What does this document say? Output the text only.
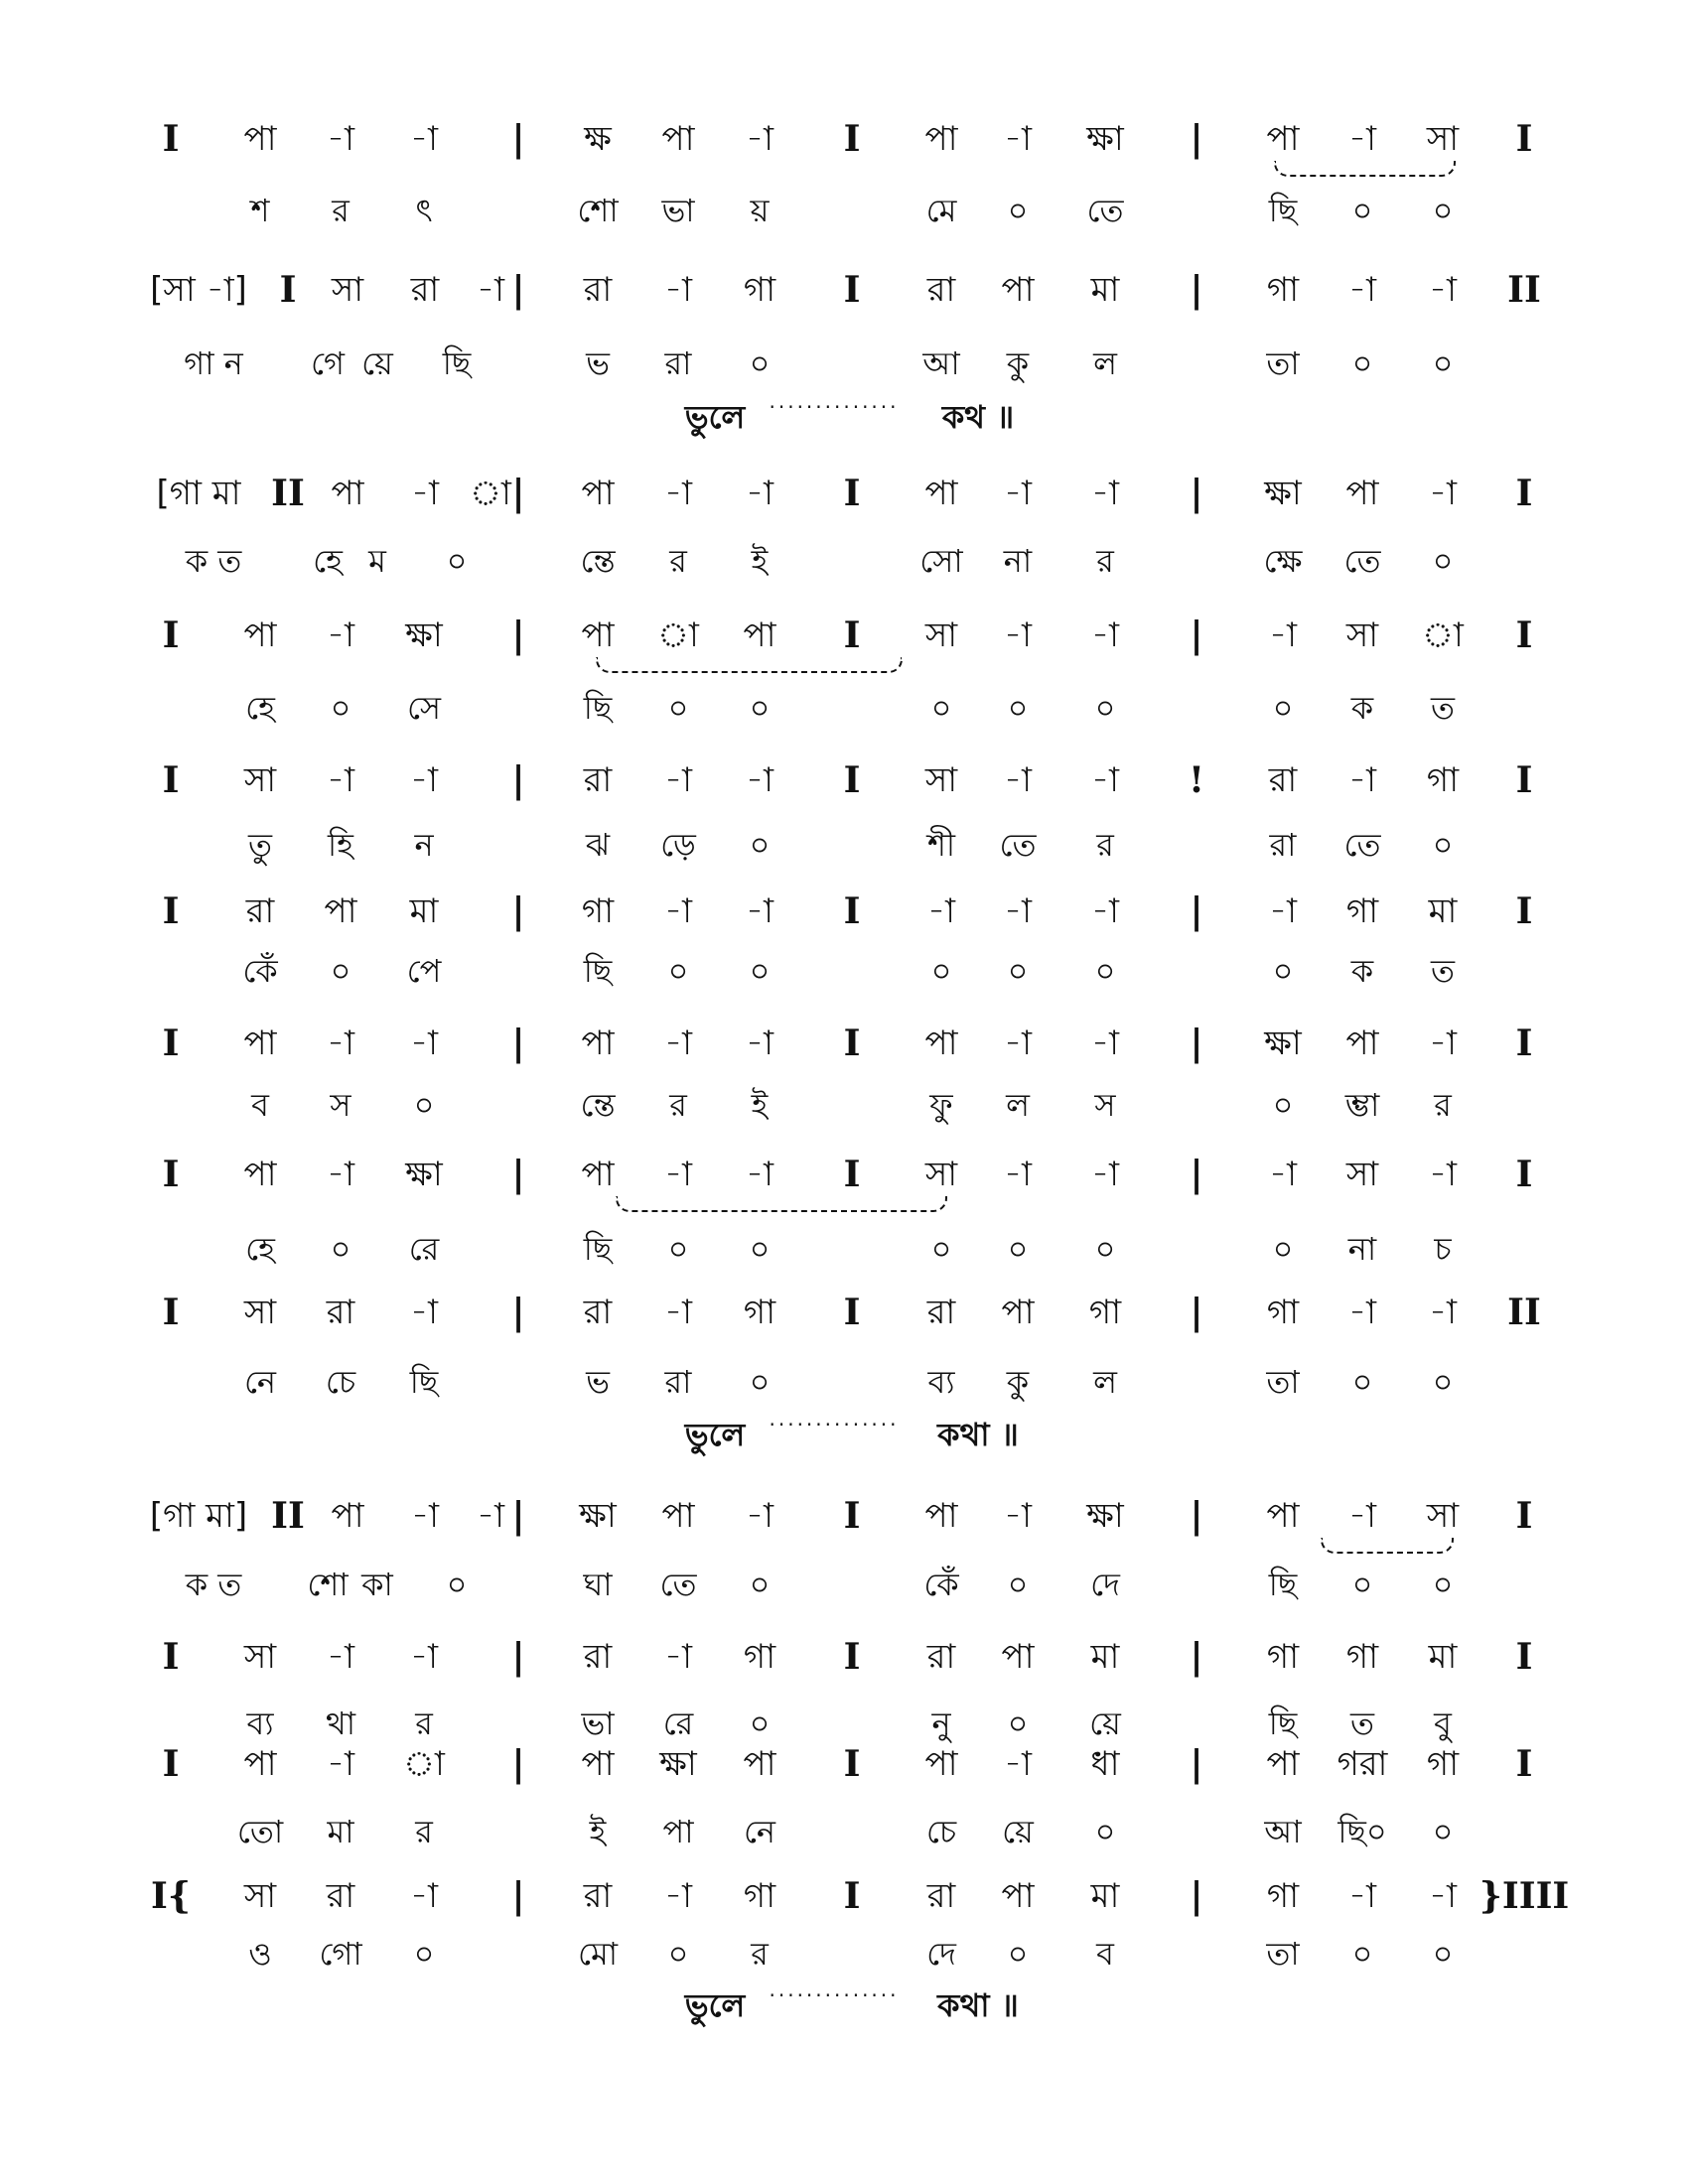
I পা -া -া | ক্ষ পা -া I পা -া ক্ষা | পা -া সা I
শ র ৎ	শো ভা য়	মে ০ তে	ছি ০ ০
[সা -া] I সা রা -া | রা -া গা I রা পা মা | গা -া -া II
গা ন গে য়ে ছি	ভ রা ০	আ কু ল	তা ০ ০
[গা মা II পা -া া | পা -া -া I পা -া -া | ক্ষা পা -া I
ক ত হে ম ০	ন্তে র ই	সো না র	ক্ষে তে ০
I পা -া ক্ষা | পা া পা I সা -া -া | -া সা া I
হে ০ সে	ছি ০ ০	০ ০ ০	০ ক ত
I সা -া -া | রা -া -া I সা -া -া ! রা -া গা I
তু হি ন	ঝ ড়ে ০	শী তে র	রা তে ০
I রা পা মা | গা -া -া I -া -া -া | -া গা মা I
কেঁ ০ পে	ছি ০ ০	০ ০ ০	০ ক ত
I পা -া -া | পা -া -া I পা -া -া | ক্ষা পা -া I
ব স ০	ন্তে র ই	ফু ল স	০ ম্ভা র
I পা -া ক্ষা | পা -া -া I সা -া -া | -া সা -া I
হে ০ রে	ছি ০ ০	০ ০ ০	০ না চ
I সা রা -া | রা -া গা I রা পা গা | গা -া -া II
নে চে ছি	ভ রা ০	ব্য কু ল	তা ০ ০
[গা মা] II পা -া -া | ক্ষা পা -া I পা -া ক্ষা | পা -া সা I
ক ত শো কা ০	ঘা তে ০	কেঁ ০ দে	ছি ০ ০
I সা -া -া | রা -া গা I রা পা মা | গা গা মা I
ব্য থা র	ভা রে ০	নু ০ য়ে	ছি ত বু
I পা -া া | পা ক্ষা পা I পা -া ধা | পা গরা গা I
তো মা র	ই পা নে	চে য়ে ০	আ ছি০ ০
I{ সা রা -া | রা -া গা I রা পা মা | গা -া -া }IIII
ও গো ০	মো ০ র	দে ০ ব	তা ০ ০
ভুলে ·············· কথ ॥
ভুলে ·············· কথা ॥
ভুলে ·············· কথা ॥
